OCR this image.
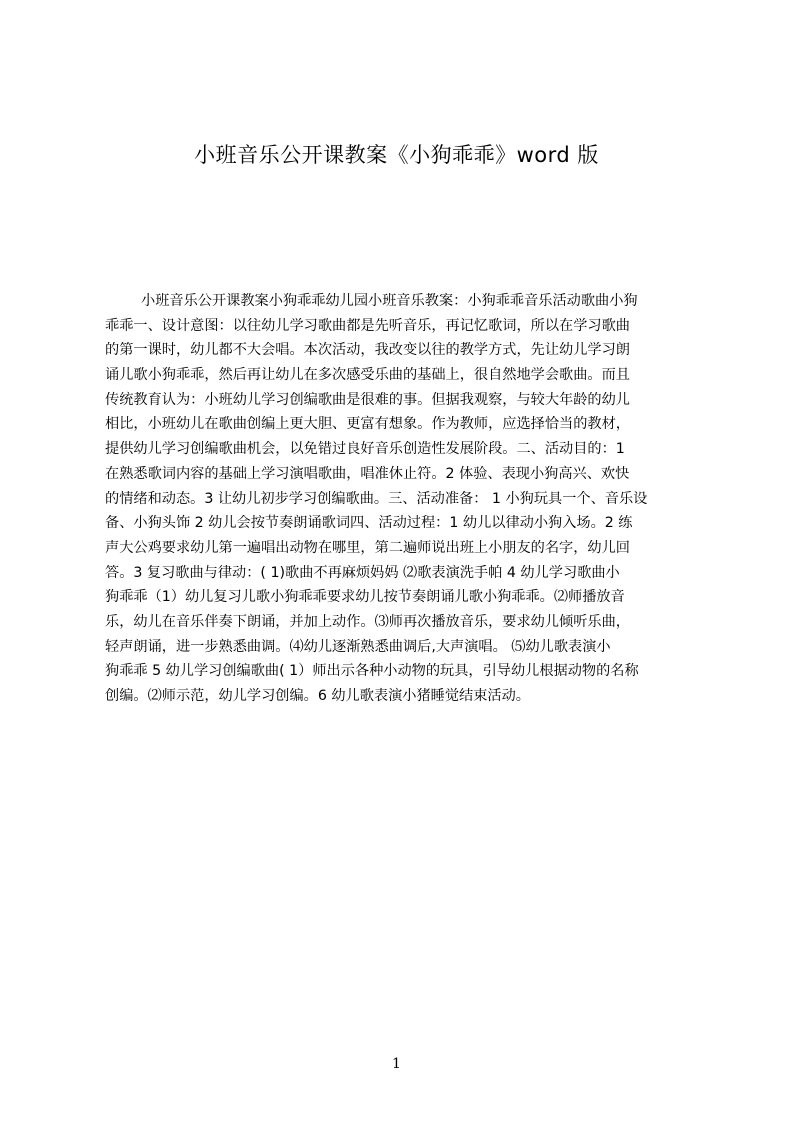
小班音乐公开课教案《小狗乖乖》word 版
小班音乐公开课教案小狗乖乖幼儿园小班音乐教案：小狗乖乖音乐活动歌曲小狗
乖乖一、设计意图：以往幼儿学习歌曲都是先听音乐，再记忆歌词，所以在学习歌曲
的第一课时，幼儿都不大会唱。本次活动，我改变以往的教学方式，先让幼儿学习朗
诵儿歌小狗乖乖，然后再让幼儿在多次感受乐曲的基础上，很自然地学会歌曲。而且
传统教育认为：小班幼儿学习创编歌曲是很难的事。但据我观察，与较大年龄的幼儿
相比，小班幼儿在歌曲创编上更大胆、更富有想象。作为教师，应选择恰当的教材，
提供幼儿学习创编歌曲机会，以免错过良好音乐创造性发展阶段。二、活动目的：1
在熟悉歌词内容的基础上学习演唱歌曲，唱准休止符。2 体验、表现小狗高兴、欢快
的情绪和动态。3 让幼儿初步学习创编歌曲。三、活动准备： 1 小狗玩具一个、音乐设
备、小狗头饰 2 幼儿会按节奏朗诵歌词四、活动过程：1 幼儿以律动小狗入场。2 练
声大公鸡要求幼儿第一遍唱出动物在哪里，第二遍师说出班上小朋友的名字，幼儿回
答。3 复习歌曲与律动：( 1)歌曲不再麻烦妈妈 ⑵歌表演洗手帕 4 幼儿学习歌曲小
狗乖乖（1）幼儿复习儿歌小狗乖乖要求幼儿按节奏朗诵儿歌小狗乖乖。⑵师播放音
乐，幼儿在音乐伴奏下朗诵，并加上动作。⑶师再次播放音乐，要求幼儿倾听乐曲，
轻声朗诵，进一步熟悉曲调。⑷幼儿逐渐熟悉曲调后,大声演唱。 ⑸幼儿歌表演小
狗乖乖 5 幼儿学习创编歌曲( 1）师出示各种小动物的玩具，引导幼儿根据动物的名称
创编。⑵师示范，幼儿学习创编。6 幼儿歌表演小猪睡觉结束活动。
1
